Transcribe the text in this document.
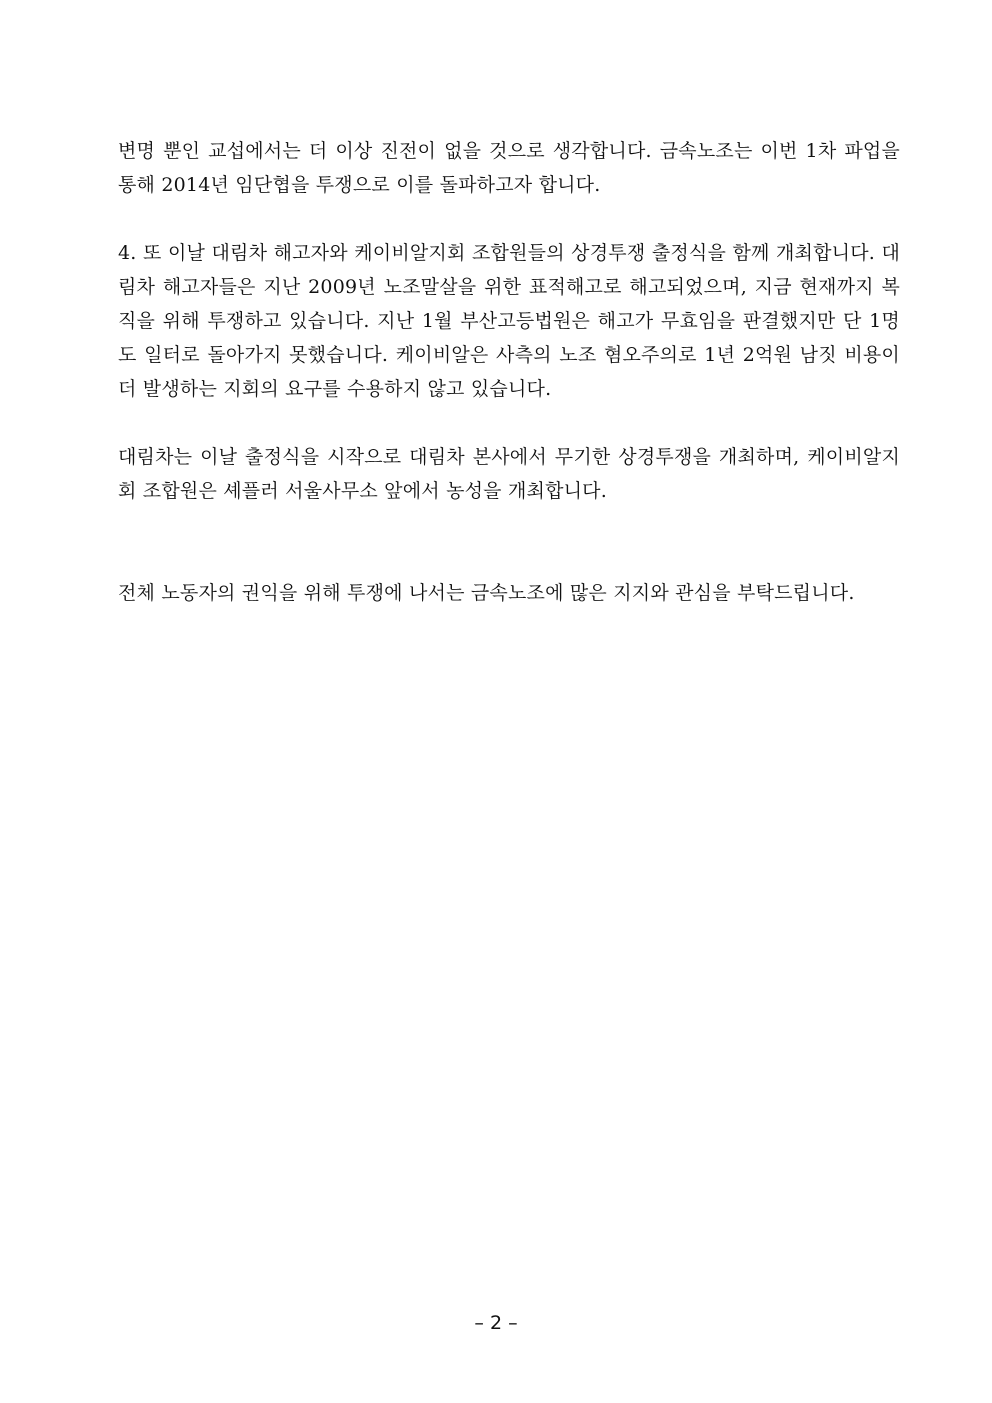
변명 뿐인 교섭에서는 더 이상 진전이 없을 것으로 생각합니다. 금속노조는 이번 1차 파업을 통해 2014년 임단협을 투쟁으로 이를 돌파하고자 합니다.

4. 또 이날 대림차 해고자와 케이비알지회 조합원들의 상경투쟁 출정식을 함께 개최합니다. 대림차 해고자들은 지난 2009년 노조말살을 위한 표적해고로 해고되었으며, 지금 현재까지 복직을 위해 투쟁하고 있습니다. 지난 1월 부산고등법원은 해고가 무효임을 판결했지만 단 1명도 일터로 돌아가지 못했습니다. 케이비알은 사측의 노조 혐오주의로 1년 2억원 남짓 비용이 더 발생하는 지회의 요구를 수용하지 않고 있습니다.

대림차는 이날 출정식을 시작으로 대림차 본사에서 무기한 상경투쟁을 개최하며, 케이비알지회 조합원은 셰플러 서울사무소 앞에서 농성을 개최합니다.

전체 노동자의 권익을 위해 투쟁에 나서는 금속노조에 많은 지지와 관심을 부탁드립니다.

– 2 –
